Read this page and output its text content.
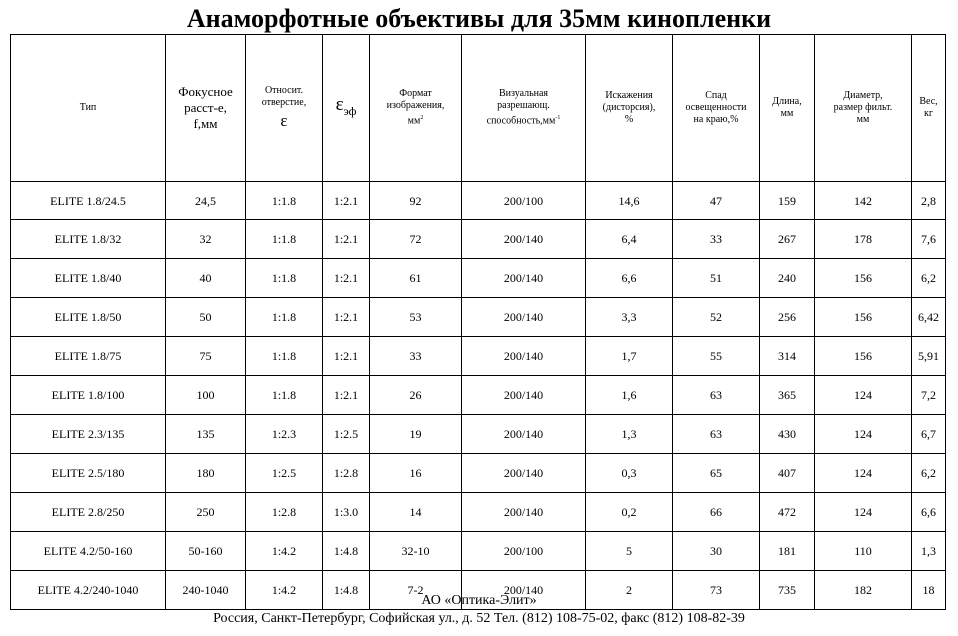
Анаморфотные объективы для 35мм кинопленки
Тип	Фокусное
расст-е,
f,мм	Относит.
отверстие,
ε	$\varepsilon_{эф}$	Формат
изображения,
$мм^2$	Визуальная
разрешающ.
$способность,мм^{-1}$	Искажения
(дисторсия),
%	Спад
освещенности
на краю,%	Длина,
мм	Диаметр,
размер фильт.
мм	Вес,
кг
ELITE 1.8/24.5	24,5	1:1.8	1:2.1	92	200/100	14,6	47	159	142	2,8
ELITE 1.8/32	32	1:1.8	1:2.1	72	200/140	6,4	33	267	178	7,6
ELITE 1.8/40	40	1:1.8	1:2.1	61	200/140	6,6	51	240	156	6,2
ELITE 1.8/50	50	1:1.8	1:2.1	53	200/140	3,3	52	256	156	6,42
ELITE 1.8/75	75	1:1.8	1:2.1	33	200/140	1,7	55	314	156	5,91
ELITE 1.8/100	100	1:1.8	1:2.1	26	200/140	1,6	63	365	124	7,2
ELITE 2.3/135	135	1:2.3	1:2.5	19	200/140	1,3	63	430	124	6,7
ELITE 2.5/180	180	1:2.5	1:2.8	16	200/140	0,3	65	407	124	6,2
ELITE 2.8/250	250	1:2.8	1:3.0	14	200/140	0,2	66	472	124	6,6
ELITE 4.2/50-160	50-160	1:4.2	1:4.8	32-10	200/100	5	30	181	110	1,3
ELITE 4.2/240-1040	240-1040	1:4.2	1:4.8	7-2	200/140	2	73	735	182	18
АО «Оптика-Элит»
Россия, Санкт-Петербург, Софийская ул., д. 52 Тел. (812) 108-75-02, факс (812) 108-82-39
